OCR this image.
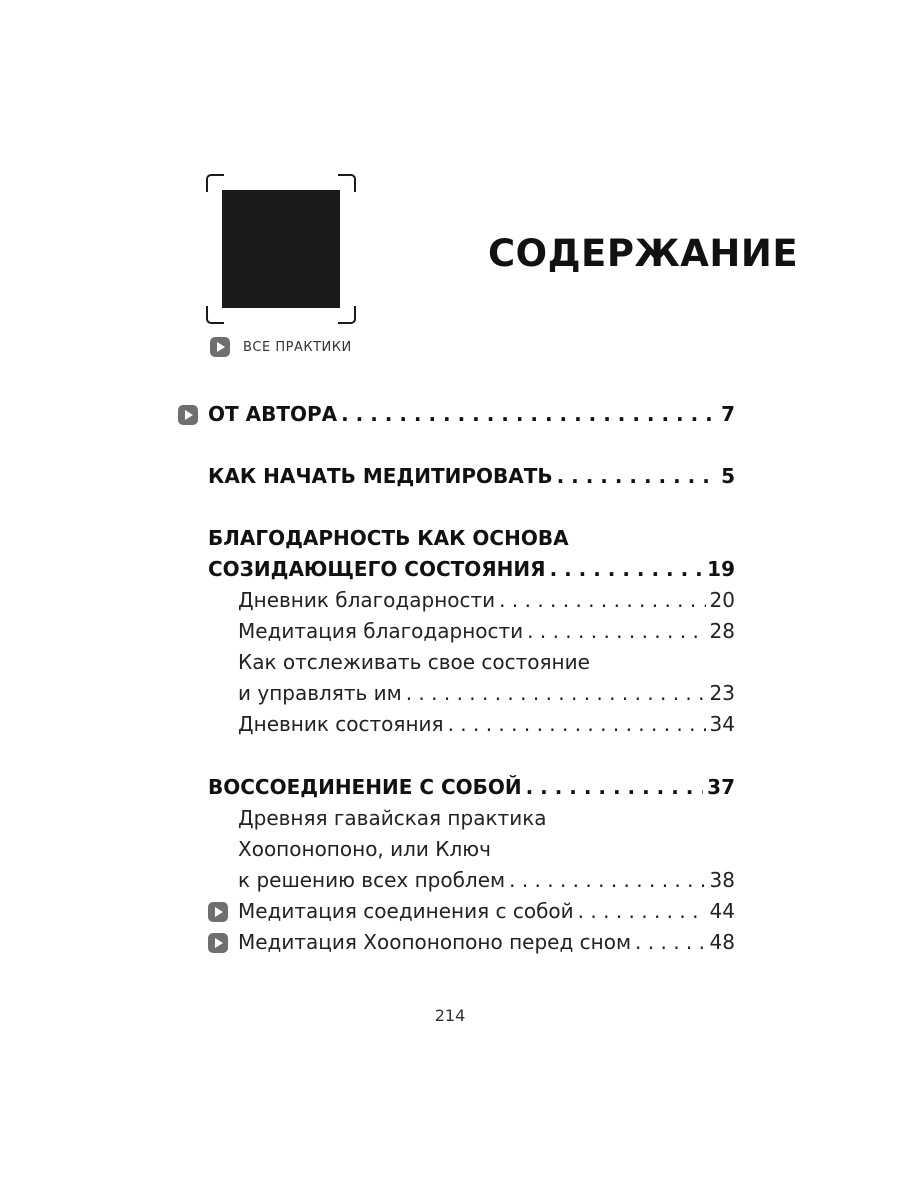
ВСЕ ПРАКТИКИ
СОДЕРЖАНИЕ
ОТ АВТОРА . . .	7
КАК НАЧАТЬ МЕДИТИРОВАТЬ . . .	5
БЛАГОДАРНОСТЬ КАК ОСНОВА
СОЗИДАЮЩЕГО СОСТОЯНИЯ . . .	19
Дневник благодарности . . .	20
Медитация благодарности . . .	28
Как отслеживать свое состояние
и управлять им . . .	23
Дневник состояния . . .	34
ВОССОЕДИНЕНИЕ С СОБОЙ . . .	37
Древняя гавайская практика
Хоопонопоно, или Ключ
к решению всех проблем . . .	38
Медитация соединения с собой . . .	44
Медитация Хоопонопоно перед сном . . .	48
214
